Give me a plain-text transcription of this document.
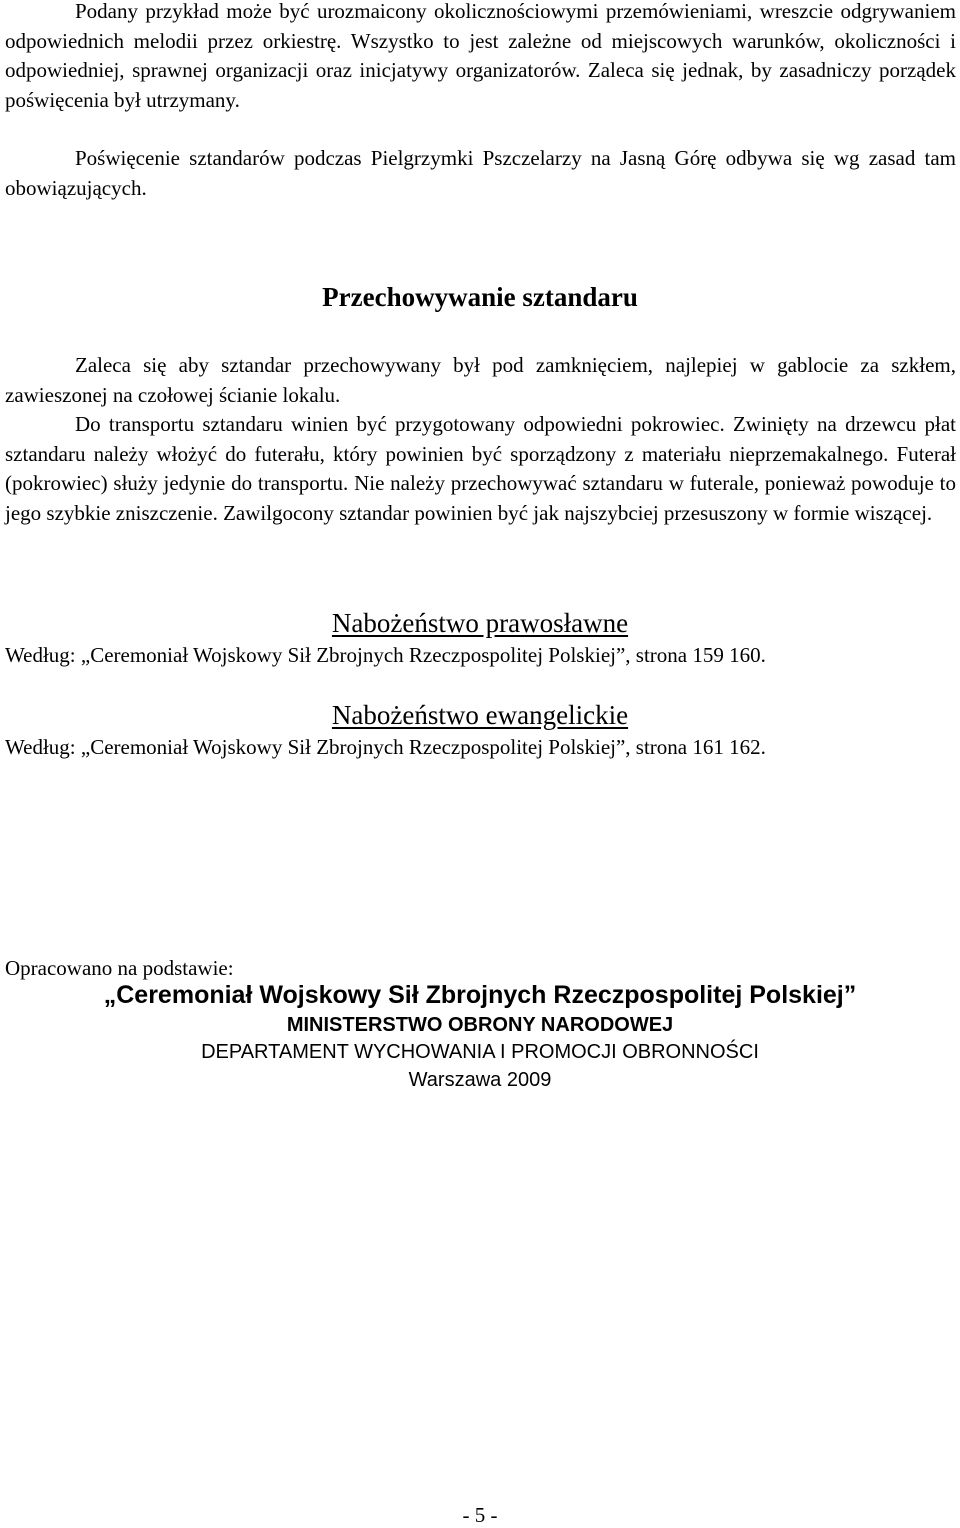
Podany przykład może być urozmaicony okolicznościowymi przemówieniami, wreszcie odgrywaniem odpowiednich melodii przez orkiestrę. Wszystko to jest zależne od miejscowych warunków, okoliczności i odpowiedniej, sprawnej organizacji oraz inicjatywy organizatorów. Zaleca się jednak, by zasadniczy porządek poświęcenia był utrzymany.

Poświęcenie sztandarów podczas Pielgrzymki Pszczelarzy na Jasną Górę odbywa się wg zasad tam obowiązujących.

Przechowywanie sztandaru

Zaleca się aby sztandar przechowywany był pod zamknięciem, najlepiej w gablocie za szkłem, zawieszonej na czołowej ścianie lokalu.

Do transportu sztandaru winien być przygotowany odpowiedni pokrowiec. Zwinięty na drzewcu płat sztandaru należy włożyć do futerału, który powinien być sporządzony z materiału nieprzemakalnego. Futerał (pokrowiec) służy jedynie do transportu. Nie należy przechowywać sztandaru w futerale, ponieważ powoduje to jego szybkie zniszczenie. Zawilgocony sztandar powinien być jak najszybciej przesuszony w formie wiszącej.

Nabożeństwo prawosławne

Według: „Ceremoniał Wojskowy Sił Zbrojnych Rzeczpospolitej Polskiej”, strona 159 160.

Nabożeństwo ewangelickie

Według: „Ceremoniał Wojskowy Sił Zbrojnych Rzeczpospolitej Polskiej”, strona 161 162.

Opracowano na podstawie:

„Ceremoniał Wojskowy Sił Zbrojnych Rzeczpospolitej Polskiej”

MINISTERSTWO OBRONY NARODOWEJ

DEPARTAMENT WYCHOWANIA I PROMOCJI OBRONNOŚCI

Warszawa 2009

- 5 -
